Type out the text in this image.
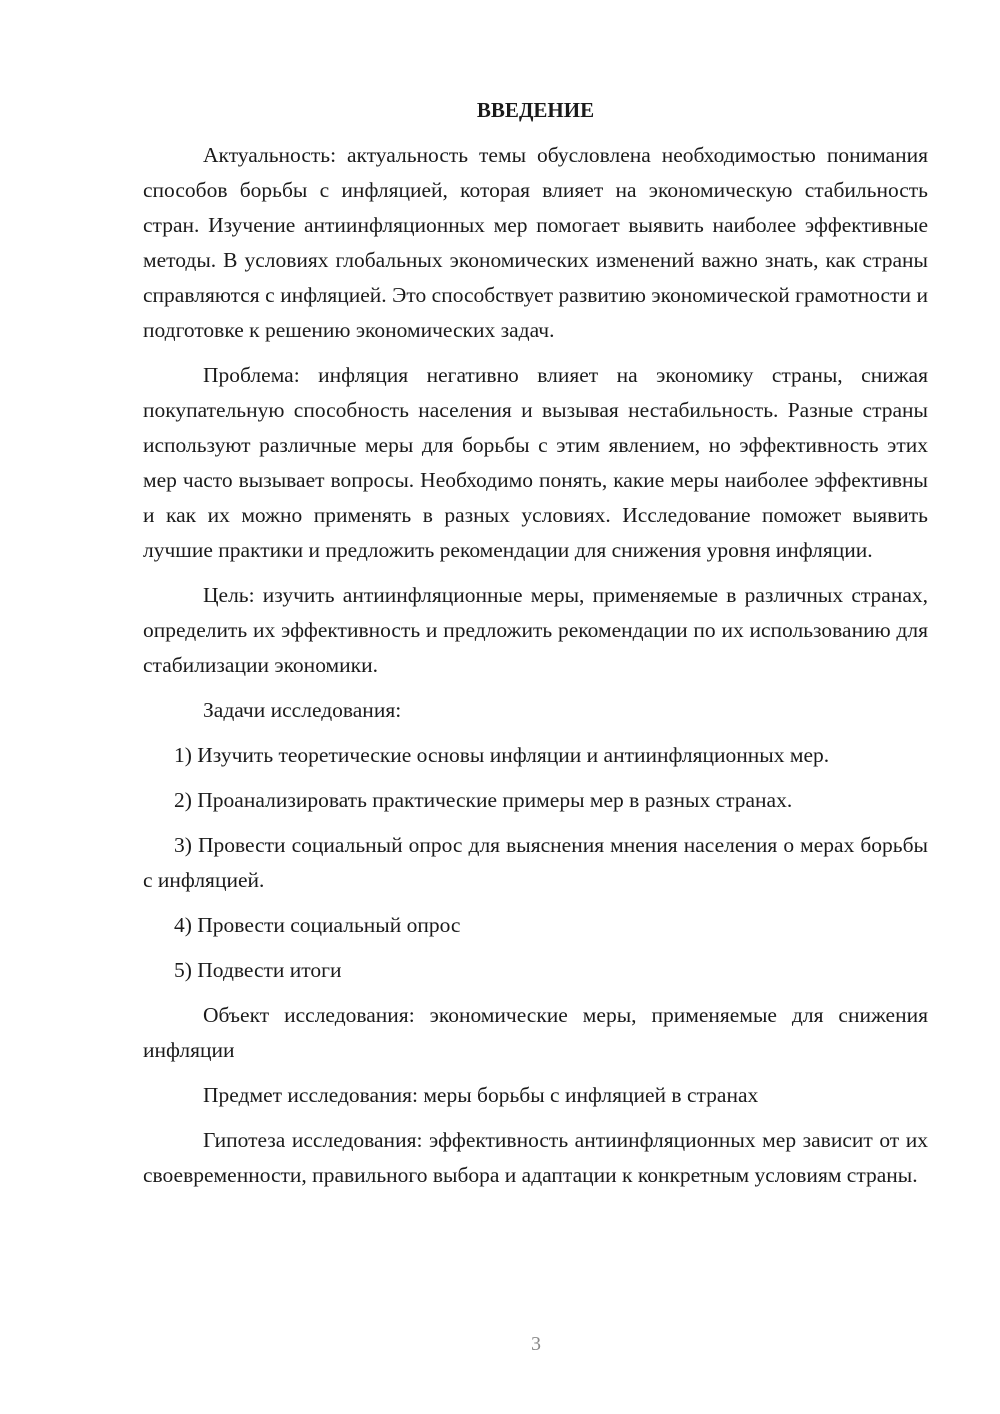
ВВЕДЕНИЕ

Актуальность: актуальность темы обусловлена необходимостью понимания способов борьбы с инфляцией, которая влияет на экономическую стабильность стран. Изучение антиинфляционных мер помогает выявить наиболее эффективные методы. В условиях глобальных экономических изменений важно знать, как страны справляются с инфляцией. Это способствует развитию экономической грамотности и подготовке к решению экономических задач.

Проблема: инфляция негативно влияет на экономику страны, снижая покупательную способность населения и вызывая нестабильность. Разные страны используют различные меры для борьбы с этим явлением, но эффективность этих мер часто вызывает вопросы. Необходимо понять, какие меры наиболее эффективны и как их можно применять в разных условиях. Исследование поможет выявить лучшие практики и предложить рекомендации для снижения уровня инфляции.

Цель: изучить антиинфляционные меры, применяемые в различных странах, определить их эффективность и предложить рекомендации по их использованию для стабилизации экономики.

Задачи исследования:

1) Изучить теоретические основы инфляции и антиинфляционных мер.

2) Проанализировать практические примеры мер в разных странах.

3) Провести социальный опрос для выяснения мнения населения о мерах борьбы с инфляцией.

4) Провести социальный опрос

5) Подвести итоги

Объект исследования: экономические меры, применяемые для снижения инфляции

Предмет исследования: меры борьбы с инфляцией в странах

Гипотеза исследования: эффективность антиинфляционных мер зависит от их своевременности, правильного выбора и адаптации к конкретным условиям страны.

3
